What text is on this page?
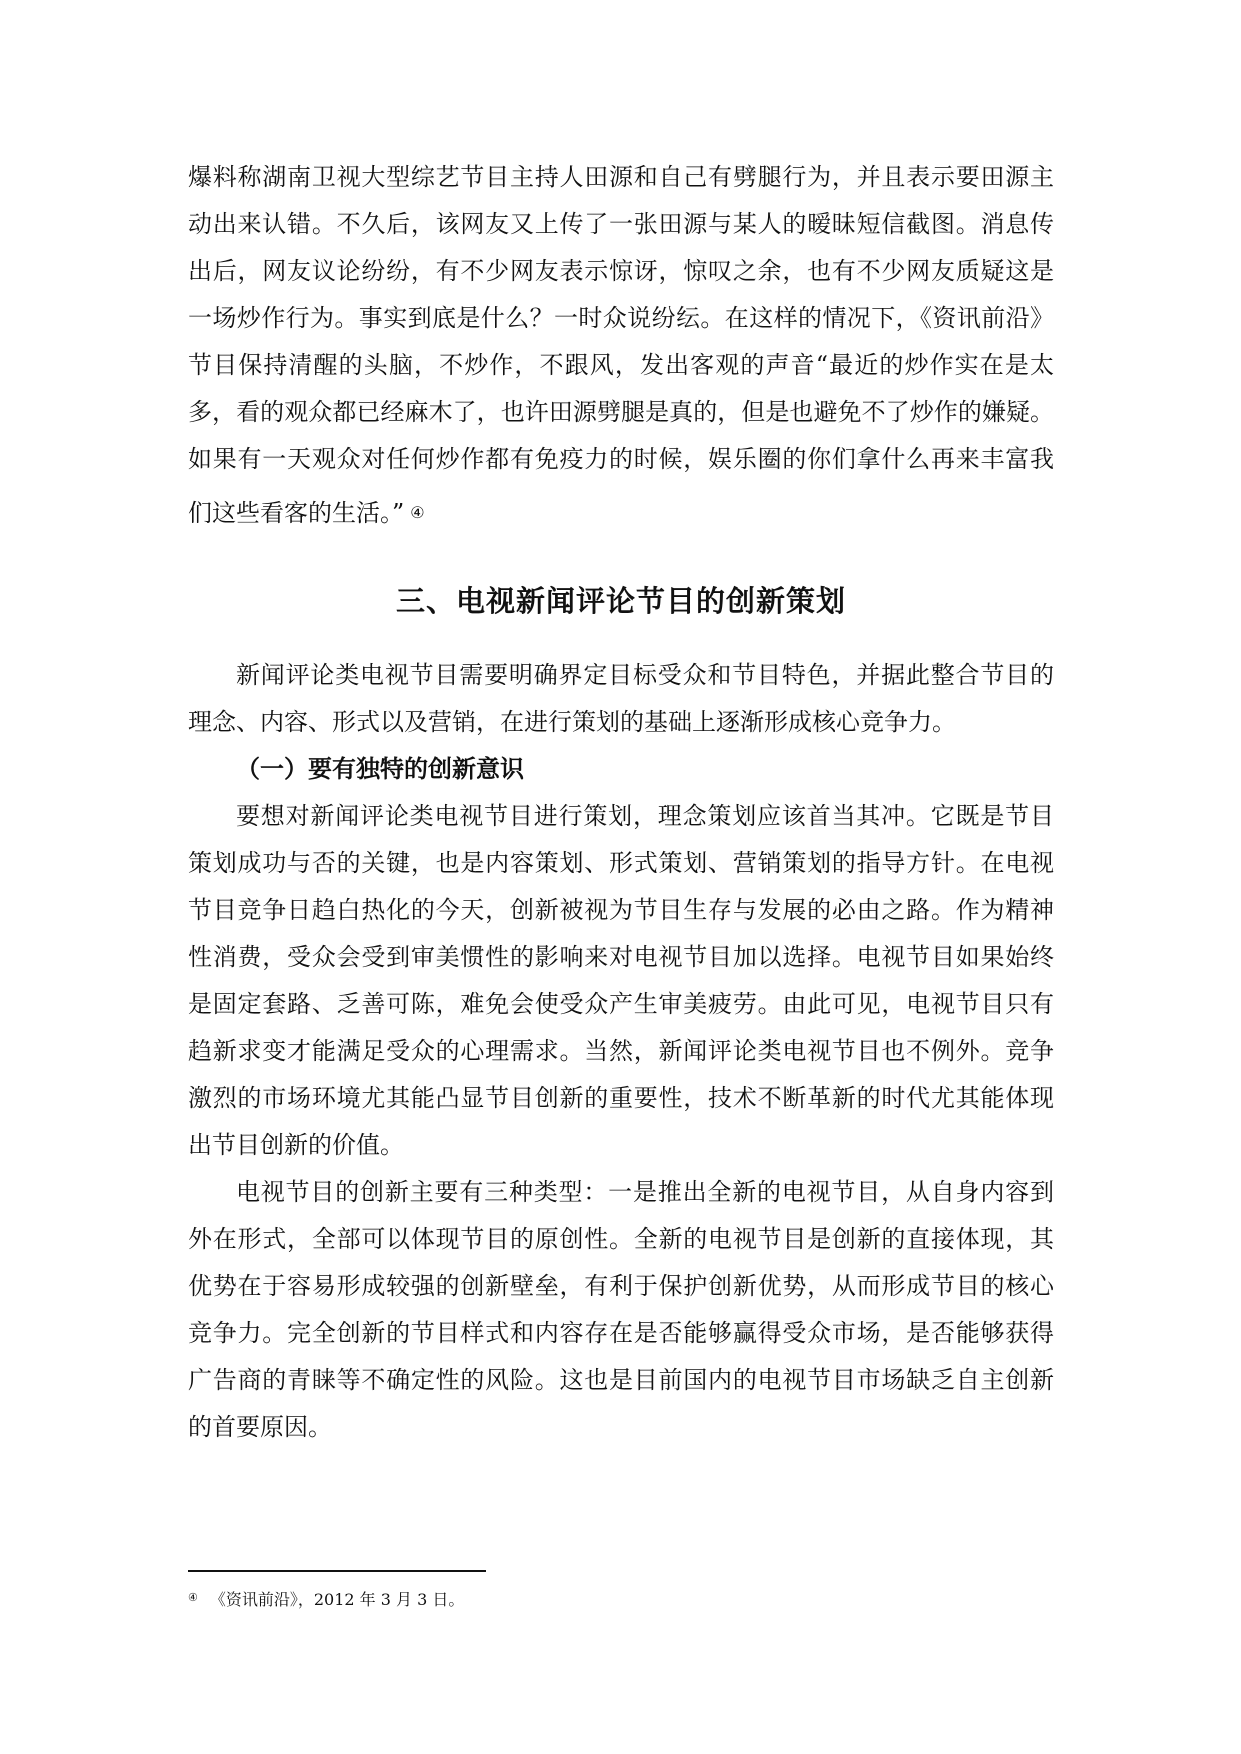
爆料称湖南卫视大型综艺节目主持人田源和自己有劈腿行为，并且表示要田源主
动出来认错。不久后，该网友又上传了一张田源与某人的暧昧短信截图。消息传
出后，网友议论纷纷，有不少网友表示惊讶，惊叹之余，也有不少网友质疑这是
一场炒作行为。事实到底是什么？一时众说纷纭。在这样的情况下，《资讯前沿》
节目保持清醒的头脑，不炒作，不跟风，发出客观的声音“最近的炒作实在是太
多，看的观众都已经麻木了，也许田源劈腿是真的，但是也避免不了炒作的嫌疑。
如果有一天观众对任何炒作都有免疫力的时候，娱乐圈的你们拿什么再来丰富我
们这些看客的生活。” ④
三、电视新闻评论节目的创新策划
新闻评论类电视节目需要明确界定目标受众和节目特色，并据此整合节目的
理念、内容、形式以及营销，在进行策划的基础上逐渐形成核心竞争力。
（一）要有独特的创新意识
要想对新闻评论类电视节目进行策划，理念策划应该首当其冲。它既是节目
策划成功与否的关键，也是内容策划、形式策划、营销策划的指导方针。在电视
节目竞争日趋白热化的今天，创新被视为节目生存与发展的必由之路。作为精神
性消费，受众会受到审美惯性的影响来对电视节目加以选择。电视节目如果始终
是固定套路、乏善可陈，难免会使受众产生审美疲劳。由此可见，电视节目只有
趋新求变才能满足受众的心理需求。当然，新闻评论类电视节目也不例外。竞争
激烈的市场环境尤其能凸显节目创新的重要性，技术不断革新的时代尤其能体现
出节目创新的价值。
电视节目的创新主要有三种类型：一是推出全新的电视节目，从自身内容到
外在形式，全部可以体现节目的原创性。全新的电视节目是创新的直接体现，其
优势在于容易形成较强的创新壁垒，有利于保护创新优势，从而形成节目的核心
竞争力。完全创新的节目样式和内容存在是否能够赢得受众市场，是否能够获得
广告商的青睐等不确定性的风险。这也是目前国内的电视节目市场缺乏自主创新
的首要原因。
④ 《资讯前沿》，2012 年 3 月 3 日。
